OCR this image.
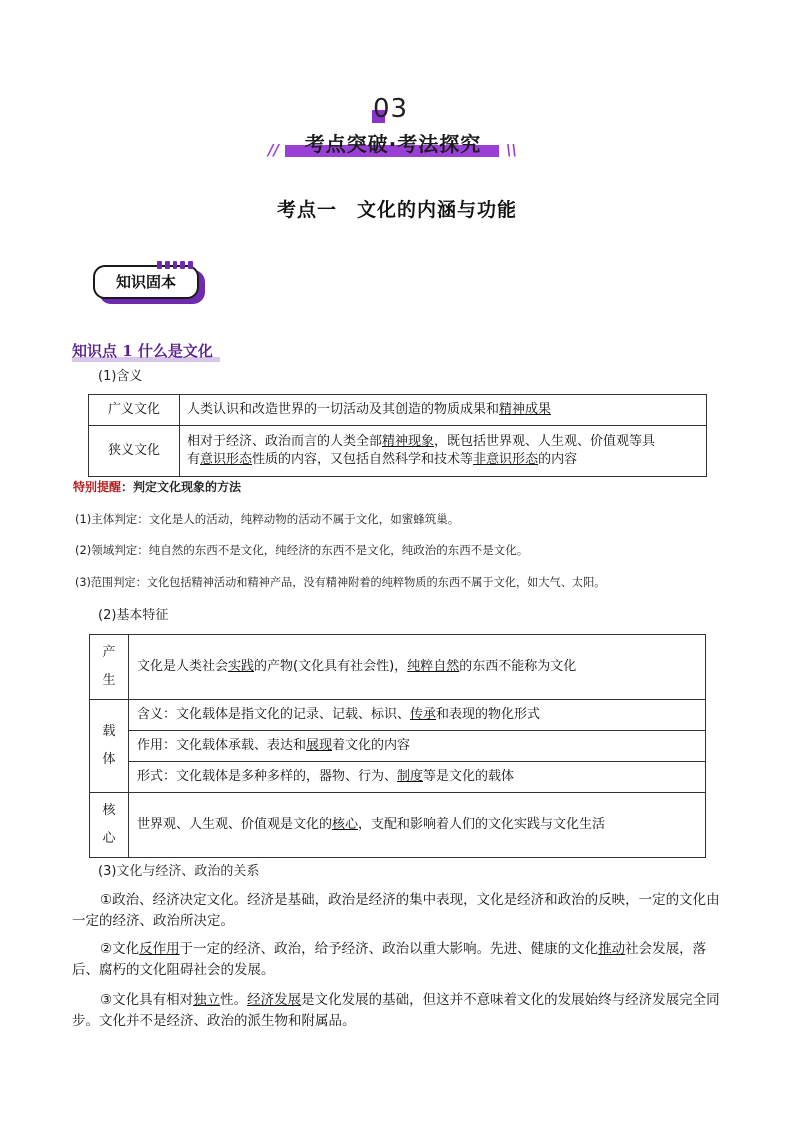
03
//	\\
考点突破·考法探究
考点一　文化的内涵与功能
知识固本
知识点 1 什么是文化
(1)含义
广义文化	人类认识和改造世界的一切活动及其创造的物质成果和精神成果
狭义文化	相对于经济、政治而言的人类全部精神现象，既包括世界观、人生观、价值观等具
有意识形态性质的内容，又包括自然科学和技术等非意识形态的内容
特别提醒：判定文化现象的方法
(1)主体判定：文化是人的活动，纯粹动物的活动不属于文化，如蜜蜂筑巢。
(2)领域判定：纯自然的东西不是文化，纯经济的东西不是文化，纯政治的东西不是文化。
(3)范围判定：文化包括精神活动和精神产品，没有精神附着的纯粹物质的东西不属于文化，如大气、太阳。
(2)基本特征
产
生	文化是人类社会实践的产物(文化具有社会性)，纯粹自然的东西不能称为文化
载
体	含义：文化载体是指文化的记录、记载、标识、传承和表现的物化形式
	作用：文化载体承载、表达和展现着文化的内容
	形式：文化载体是多种多样的，器物、行为、制度等是文化的载体
核
心	世界观、人生观、价值观是文化的核心，支配和影响着人们的文化实践与文化生活
(3)文化与经济、政治的关系
①政治、经济决定文化。经济是基础，政治是经济的集中表现，文化是经济和政治的反映，一定的文化由一定的经济、政治所决定。
②文化反作用于一定的经济、政治，给予经济、政治以重大影响。先进、健康的文化推动社会发展，落后、腐朽的文化阻碍社会的发展。
③文化具有相对独立性。经济发展是文化发展的基础，但这并不意味着文化的发展始终与经济发展完全同步。文化并不是经济、政治的派生物和附属品。
